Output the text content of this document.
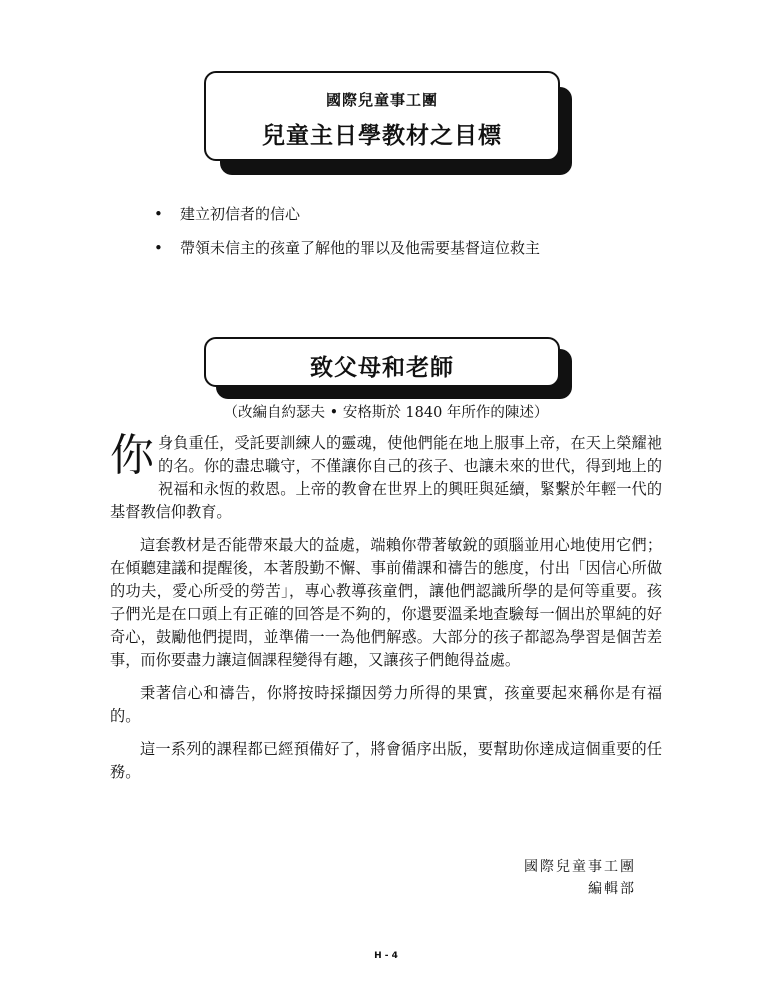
國際兒童事工團
兒童主日學教材之目標
• 建立初信者的信心
• 帶領未信主的孩童了解他的罪以及他需要基督這位救主
致父母和老師
（改編自約瑟夫 • 安格斯於 1840 年所作的陳述）

你身負重任，受託要訓練人的靈魂，使他們能在地上服事上帝，在天上榮耀祂的名。你的盡忠職守，不僅讓你自己的孩子、也讓未來的世代，得到地上的祝福和永恆的救恩。上帝的教會在世界上的興旺與延續，緊繫於年輕一代的基督教信仰教育。

這套教材是否能帶來最大的益處，端賴你帶著敏銳的頭腦並用心地使用它們；在傾聽建議和提醒後，本著殷勤不懈、事前備課和禱告的態度，付出「因信心所做的功夫，愛心所受的勞苦」，專心教導孩童們，讓他們認識所學的是何等重要。孩子們光是在口頭上有正確的回答是不夠的，你還要溫柔地查驗每一個出於單純的好奇心，鼓勵他們提問，並準備一一為他們解惑。大部分的孩子都認為學習是個苦差事，而你要盡力讓這個課程變得有趣，又讓孩子們飽得益處。

秉著信心和禱告，你將按時採擷因勞力所得的果實，孩童要起來稱你是有福的。

這一系列的課程都已經預備好了，將會循序出版，要幫助你達成這個重要的任務。

國際兒童事工團
編輯部
H - 4
